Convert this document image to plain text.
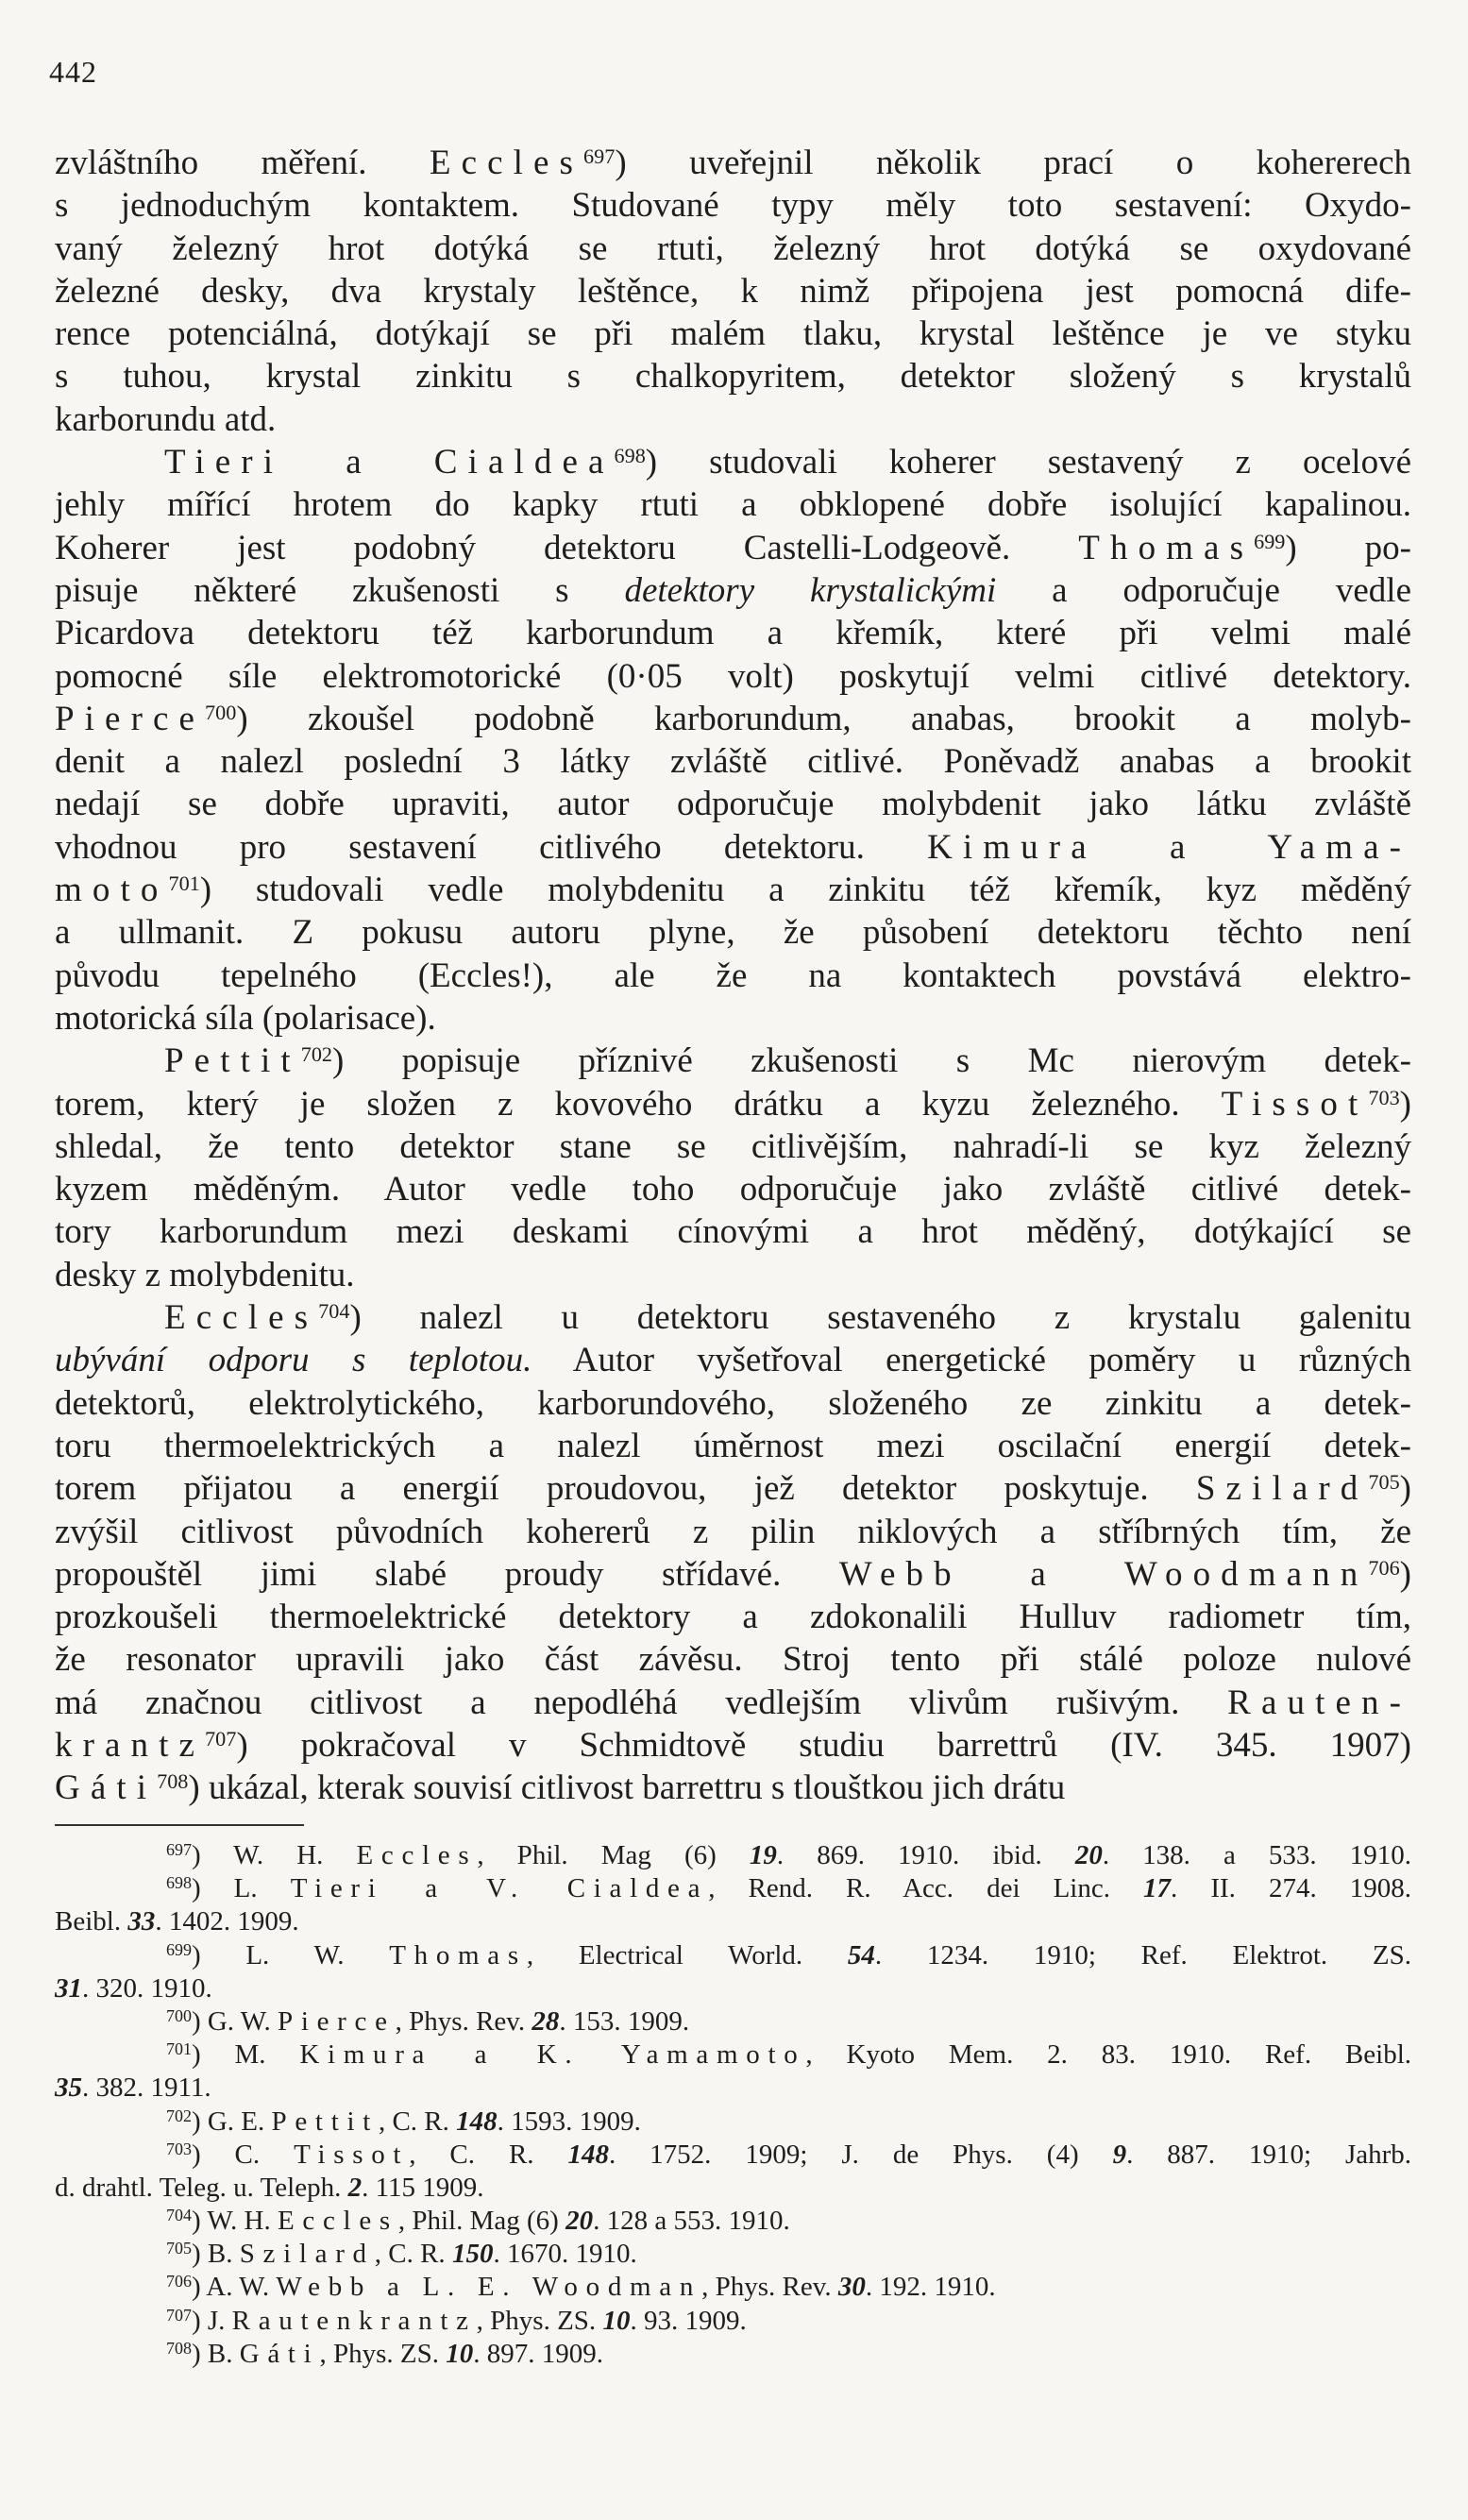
442
zvláštního měření. Eccles$^{697}$) uveřejnil několik prací o kohererech
s jednoduchým kontaktem. Studované typy měly toto sestavení: Oxydo-
vaný železný hrot dotýká se rtuti, železný hrot dotýká se oxydované
železné desky, dva krystaly leštěnce, k nimž připojena jest pomocná dife-
rence potenciálná, dotýkají se při malém tlaku, krystal leštěnce je ve styku
s tuhou, krystal zinkitu s chalkopyritem, detektor složený s krystalů
karborundu atd.
Tieri a Cialdea$^{698}$) studovali koherer sestavený z ocelové
jehly mířící hrotem do kapky rtuti a obklopené dobře isolující kapalinou.
Koherer jest podobný detektoru Castelli-Lodgeově. Thomas$^{699}$) po-
pisuje některé zkušenosti s detektory krystalickými a odporučuje vedle
Picardova detektoru též karborundum a křemík, které při velmi malé
pomocné síle elektromotorické (0·05 volt) poskytují velmi citlivé detektory.
Pierce$^{700}$) zkoušel podobně karborundum, anabas, brookit a molyb-
denit a nalezl poslední 3 látky zvláště citlivé. Poněvadž anabas a brookit
nedají se dobře upraviti, autor odporučuje molybdenit jako látku zvláště
vhodnou pro sestavení citlivého detektoru. Kimura a Yama-
moto$^{701}$) studovali vedle molybdenitu a zinkitu též křemík, kyz měděný
a ullmanit. Z pokusu autoru plyne, že působení detektoru těchto není
původu tepelného (Eccles!), ale že na kontaktech povstává elektro-
motorická síla (polarisace).
Pettit$^{702}$) popisuje příznivé zkušenosti s Mc nierovým detek-
torem, který je složen z kovového drátku a kyzu železného. Tissot$^{703}$)
shledal, že tento detektor stane se citlivějším, nahradí-li se kyz železný
kyzem měděným. Autor vedle toho odporučuje jako zvláště citlivé detek-
tory karborundum mezi deskami cínovými a hrot měděný, dotýkající se
desky z molybdenitu.
Eccles$^{704}$) nalezl u detektoru sestaveného z krystalu galenitu
ubývání odporu s teplotou. Autor vyšetřoval energetické poměry u různých
detektorů, elektrolytického, karborundového, složeného ze zinkitu a detek-
toru thermoelektrických a nalezl úměrnost mezi oscilační energií detek-
torem přijatou a energií proudovou, jež detektor poskytuje. Szilard$^{705}$)
zvýšil citlivost původních kohererů z pilin niklových a stříbrných tím, že
propouštěl jimi slabé proudy střídavé. Webb a Woodmann$^{706}$)
prozkoušeli thermoelektrické detektory a zdokonalili Hulluv radiometr tím,
že resonator upravili jako část závěsu. Stroj tento při stálé poloze nulové
má značnou citlivost a nepodléhá vedlejším vlivům rušivým. Rauten-
krantz$^{707}$) pokračoval v Schmidtově studiu barrettrů (IV. 345. 1907)
Gáti$^{708}$) ukázal, kterak souvisí citlivost barrettru s tlouštkou jich drátu
$^{697}$) W. H. Eccles, Phil. Mag (6) 19. 869. 1910. ibid. 20. 138. a 533. 1910.
$^{698}$) L. Tieri a V. Cialdea, Rend. R. Acc. dei Linc. 17. II. 274. 1908.
Beibl. 33. 1402. 1909.
$^{699}$) L. W. Thomas, Electrical World. 54. 1234. 1910; Ref. Elektrot. ZS.
31. 320. 1910.
$^{700}$) G. W. Pierce, Phys. Rev. 28. 153. 1909.
$^{701}$) M. Kimura a K. Yamamoto, Kyoto Mem. 2. 83. 1910. Ref. Beibl.
35. 382. 1911.
$^{702}$) G. E. Pettit, C. R. 148. 1593. 1909.
$^{703}$) C. Tissot, C. R. 148. 1752. 1909; J. de Phys. (4) 9. 887. 1910; Jahrb.
d. drahtl. Teleg. u. Teleph. 2. 115 1909.
$^{704}$) W. H. Eccles, Phil. Mag (6) 20. 128 a 553. 1910.
$^{705}$) B. Szilard, C. R. 150. 1670. 1910.
$^{706}$) A. W. Webb a L. E. Woodman, Phys. Rev. 30. 192. 1910.
$^{707}$) J. Rautenkrantz, Phys. ZS. 10. 93. 1909.
$^{708}$) B. Gáti, Phys. ZS. 10. 897. 1909.
